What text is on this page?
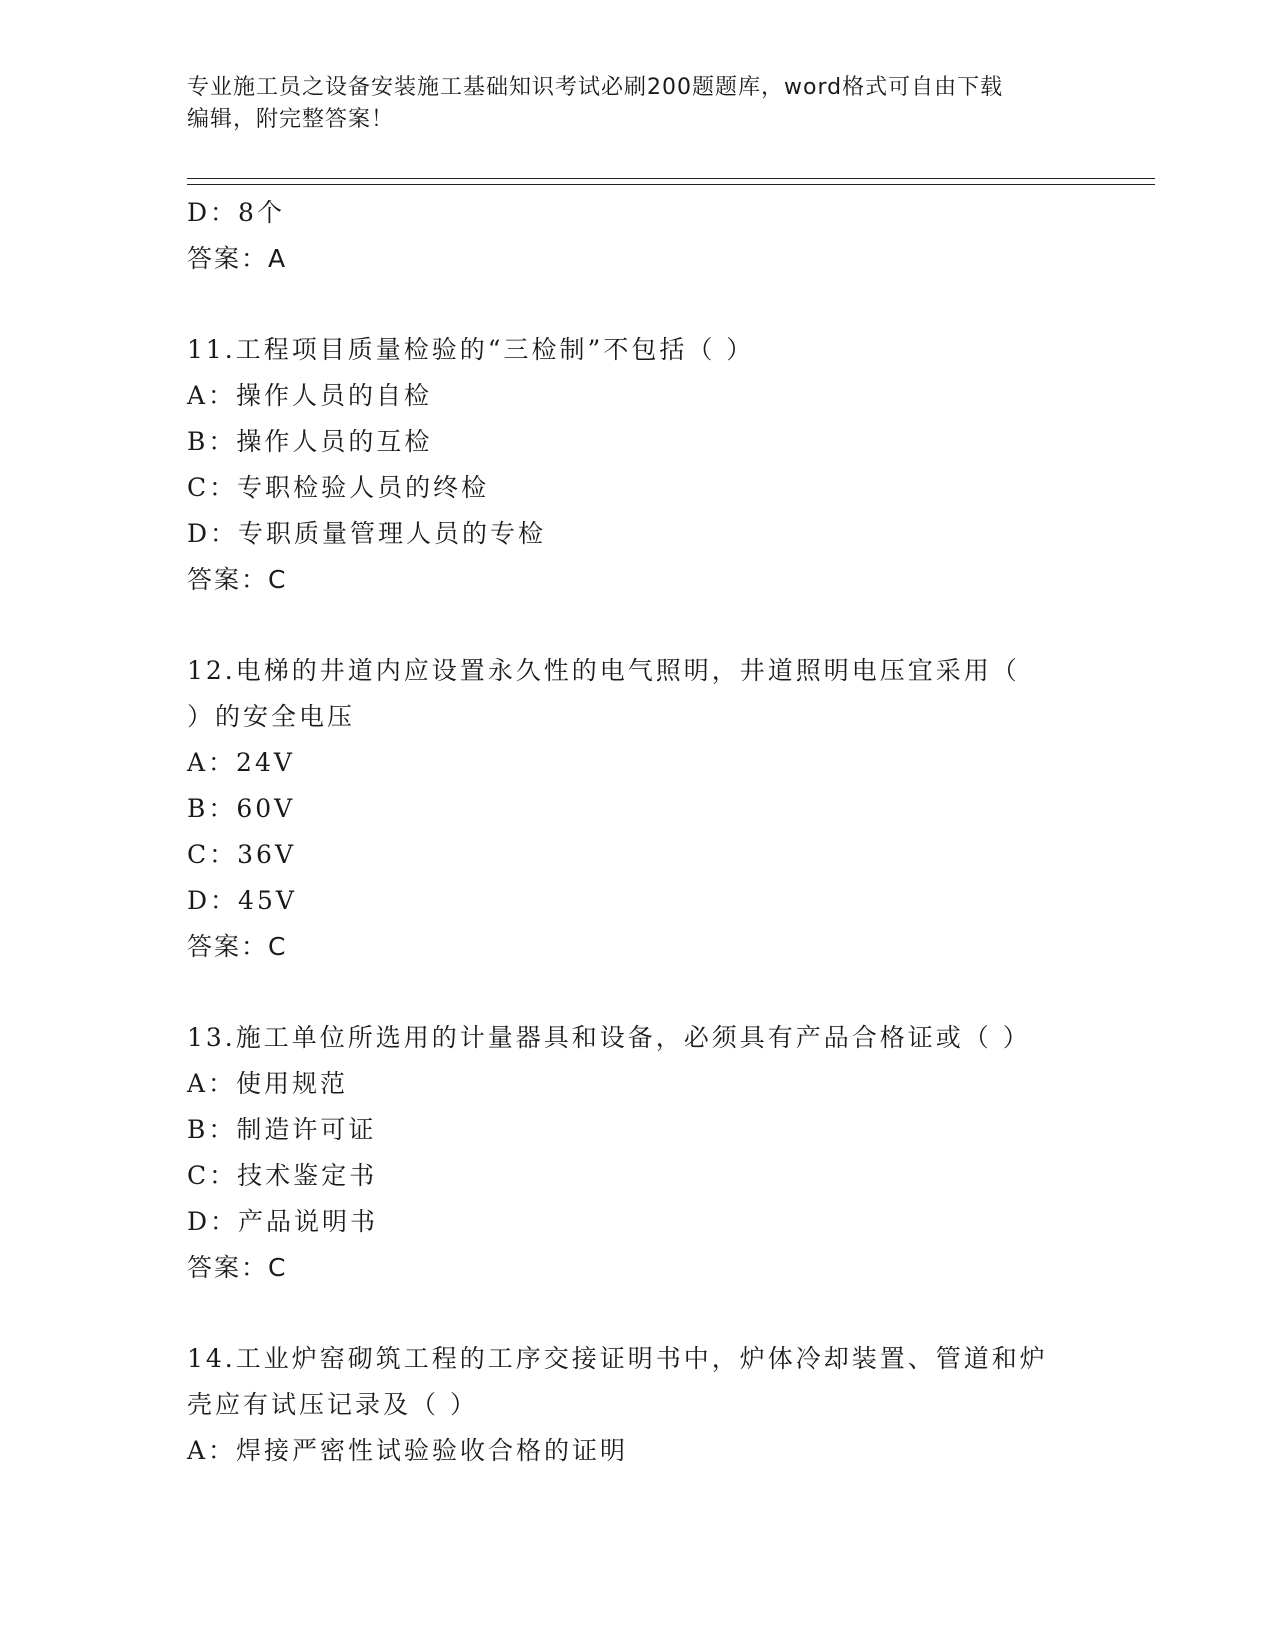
专业施工员之设备安装施工基础知识考试必刷200题题库，word格式可自由下载
编辑，附完整答案！
D：8个
答案：A
11.工程项目质量检验的“三检制”不包括（ ）
A：操作人员的自检
B：操作人员的互检
C：专职检验人员的终检
D：专职质量管理人员的专检
答案：C
12.电梯的井道内应设置永久性的电气照明，井道照明电压宜采用（
）的安全电压
A：24V
B：60V
C：36V
D：45V
答案：C
13.施工单位所选用的计量器具和设备，必须具有产品合格证或（ ）
A：使用规范
B：制造许可证
C：技术鉴定书
D：产品说明书
答案：C
14.工业炉窑砌筑工程的工序交接证明书中，炉体冷却装置、管道和炉
壳应有试压记录及（ ）
A：焊接严密性试验验收合格的证明
